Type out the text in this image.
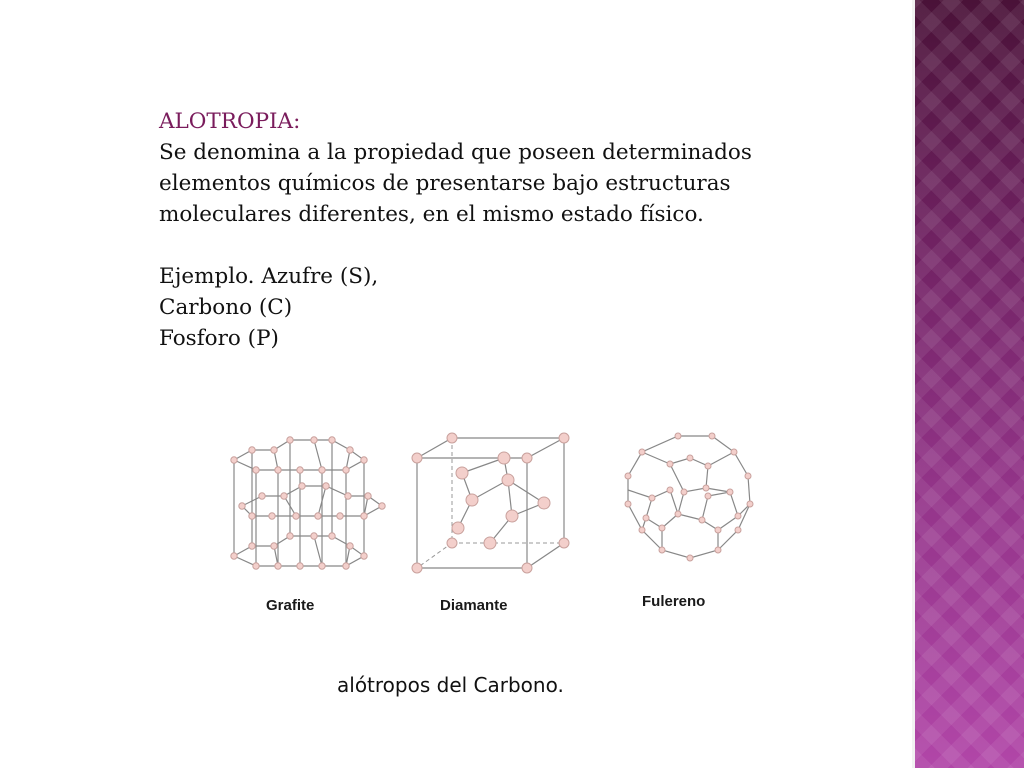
ALOTROPIA:

Se denomina a la propiedad que poseen determinados

elementos químicos de presentarse bajo estructuras

moleculares diferentes, en el mismo estado físico.

Ejemplo. Azufre (S),

Carbono (C)

Fosforo (P)

Grafite	Diamante	Fulereno
alótropos del Carbono.
